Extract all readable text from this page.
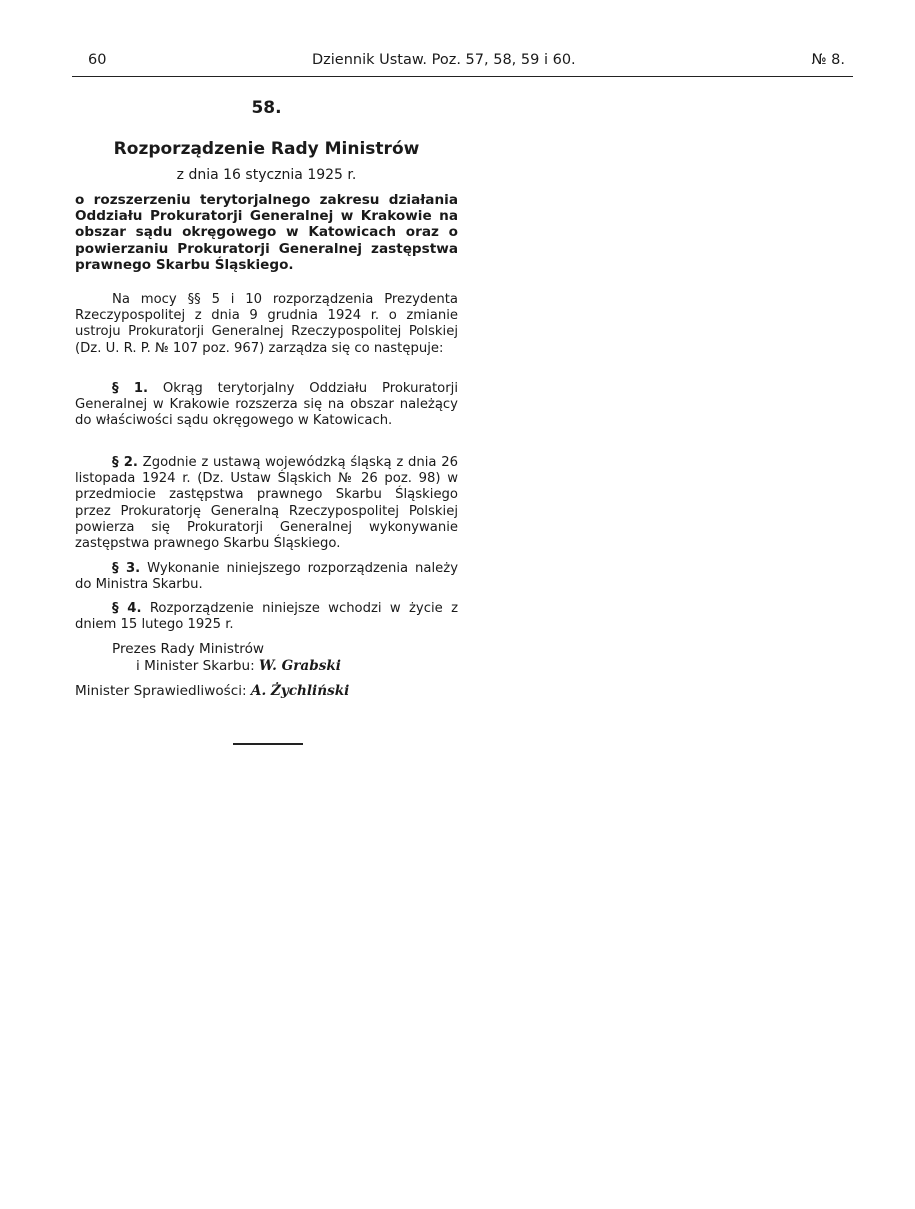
60	Dziennik Ustaw. Poz. 57, 58, 59 i 60.	№ 8.
58.
Rozporządzenie Rady Ministrów
z dnia 16 stycznia 1925 r.
o rozszerzeniu terytorjalnego zakresu działania Oddziału Prokuratorji Generalnej w Krakowie na obszar sądu okręgowego w Katowicach oraz o powierzaniu Prokuratorji Generalnej zastępstwa prawnego Skarbu Śląskiego.
Na mocy §§ 5 i 10 rozporządzenia Prezydenta Rzeczypospolitej z dnia 9 grudnia 1924 r. o zmianie ustroju Prokuratorji Generalnej Rzeczypospolitej Polskiej (Dz. U. R. P. № 107 poz. 967) zarządza się co następuje:
§ 1. Okrąg terytorjalny Oddziału Prokuratorji Generalnej w Krakowie rozszerza się na obszar należący do właściwości sądu okręgowego w Katowicach.
§ 2. Zgodnie z ustawą wojewódzką śląską z dnia 26 listopada 1924 r. (Dz. Ustaw Śląskich № 26 poz. 98) w przedmiocie zastępstwa prawnego Skarbu Śląskiego przez Prokuratorję Generalną Rzeczypospolitej Polskiej powierza się Prokuratorji Generalnej wykonywanie zastępstwa prawnego Skarbu Śląskiego.
§ 3. Wykonanie niniejszego rozporządzenia należy do Ministra Skarbu.
§ 4. Rozporządzenie niniejsze wchodzi w życie z dniem 15 lutego 1925 r.
Prezes Rady Ministrów
i Minister Skarbu: W. Grabski
Minister Sprawiedliwości: A. Żychliński
